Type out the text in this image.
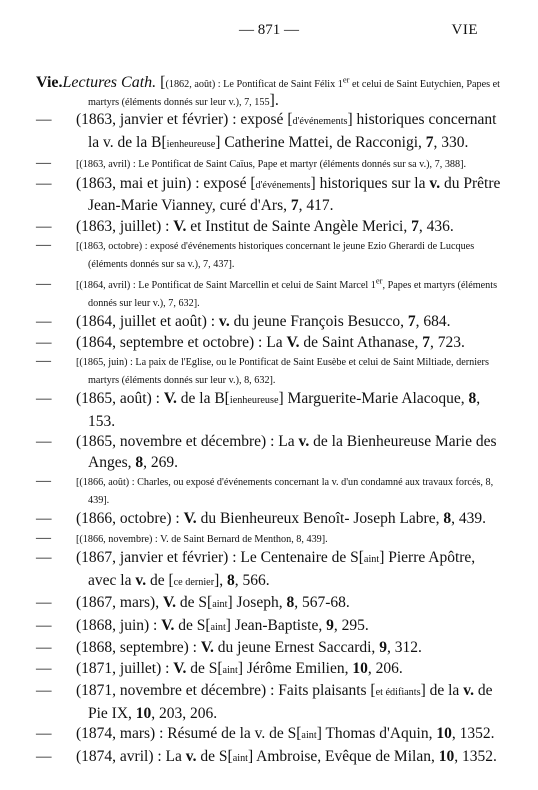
— 871 —	VIE
Vie.Lectures Cath. [(1862, août) : Le Pontificat de Saint Félix 1er et celui de Saint Eutychien, Papes et martyrs (éléments donnés sur leur v.), 7, 155].
— (1863, janvier et février) : exposé [d'événements] historiques concernant la v. de la B[ienheureuse] Catherine Mattei, de Racconigi, 7, 330.
— [(1863, avril) : Le Pontificat de Saint Caïus, Pape et martyr (éléments donnés sur sa v.), 7, 388].
— (1863, mai et juin) : exposé [d'événements] historiques sur la v. du Prêtre Jean-Marie Vianney, curé d'Ars, 7, 417.
— (1863, juillet) : V. et Institut de Sainte Angèle Merici, 7, 436.
— [(1863, octobre) : exposé d'événements historiques concernant le jeune Ezio Gherardi de Lucques (éléments donnés sur sa v.), 7, 437].
— [(1864, avril) : Le Pontificat de Saint Marcellin et celui de Saint Marcel 1er, Papes et martyrs (éléments donnés sur leur v.), 7, 632].
— (1864, juillet et août) : v. du jeune François Besucco, 7, 684.
— (1864, septembre et octobre) : La V. de Saint Athanase, 7, 723.
— [(1865, juin) : La paix de l'Eglise, ou le Pontificat de Saint Eusèbe et celui de Saint Miltiade, derniers martyrs (éléments donnés sur leur v.), 8, 632].
— (1865, août) : V. de la B[ienheureuse] Marguerite-Marie Alacoque, 8, 153.
— (1865, novembre et décembre) : La v. de la Bienheureuse Marie des Anges, 8, 269.
— [(1866, août) : Charles, ou exposé d'événements concernant la v. d'un condamné aux travaux forcés, 8, 439].
— (1866, octobre) : V. du Bienheureux Benoît- Joseph Labre, 8, 439.
— [(1866, novembre) : V. de Saint Bernard de Menthon, 8, 439].
— (1867, janvier et février) : Le Centenaire de S[aint] Pierre Apôtre, avec la v. de [ce dernier], 8, 566.
— (1867, mars), V. de S[aint] Joseph, 8, 567-68.
— (1868, juin) : V. de S[aint] Jean-Baptiste, 9, 295.
— (1868, septembre) : V. du jeune Ernest Saccardi, 9, 312.
— (1871, juillet) : V. de S[aint] Jérôme Emilien, 10, 206.
— (1871, novembre et décembre) : Faits plaisants [et édifiants] de la v. de Pie IX, 10, 203, 206.
— (1874, mars) : Résumé de la v. de S[aint] Thomas d'Aquin, 10, 1352.
— (1874, avril) : La v. de S[aint] Ambroise, Evêque de Milan, 10, 1352.
